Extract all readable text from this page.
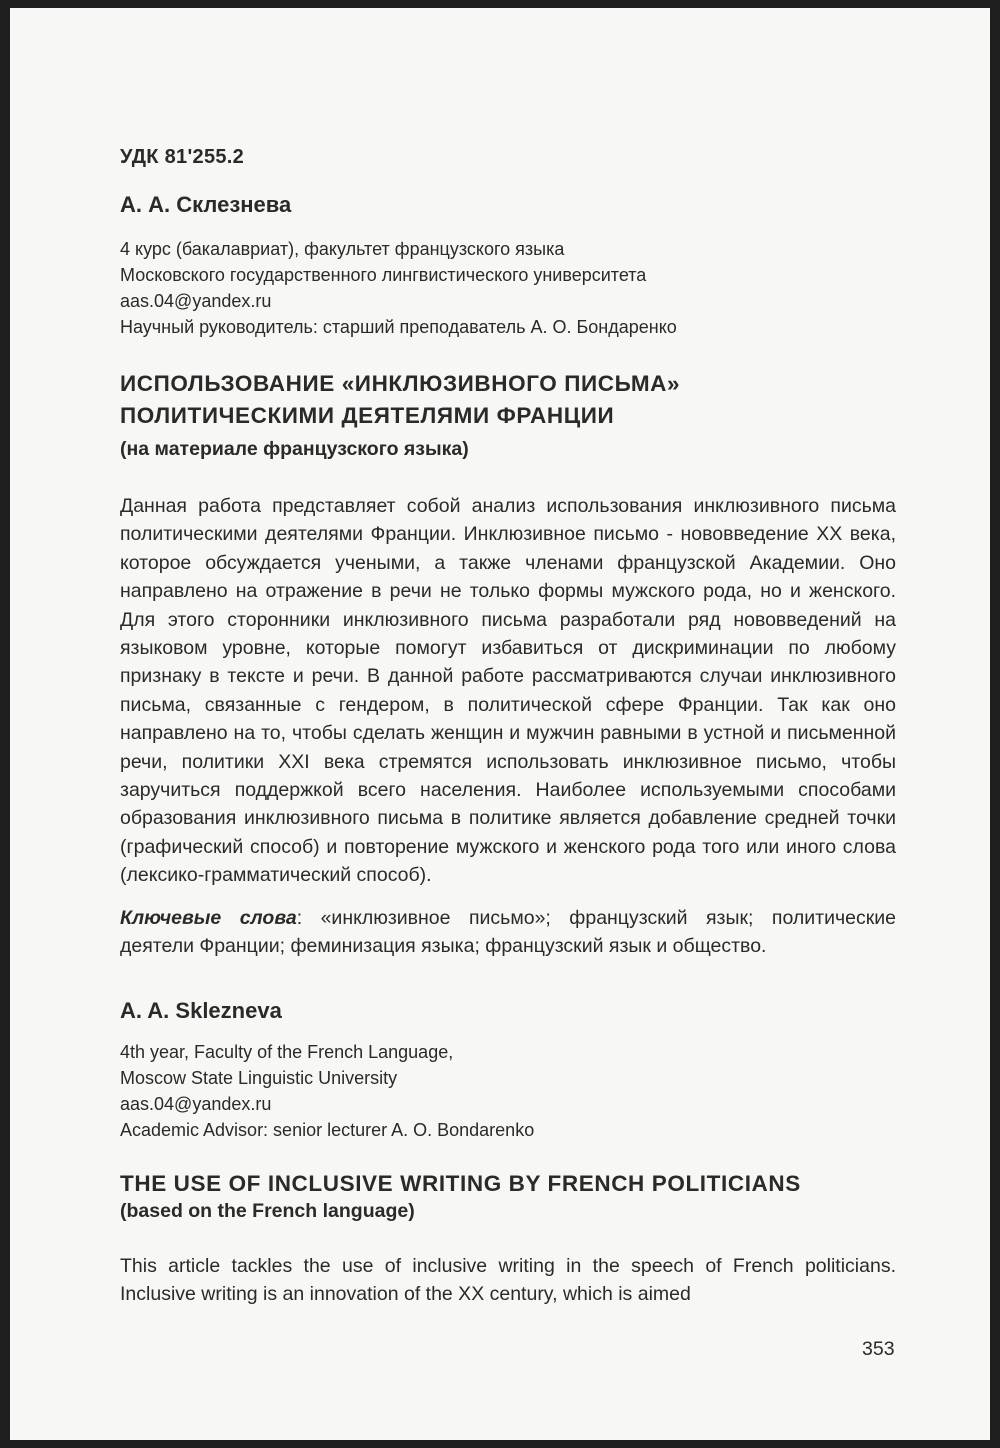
УДК 81'255.2
А. А. Склезнева
4 курс (бакалавриат), факультет французского языка
Московского государственного лингвистического университета
aas.04@yandex.ru
Научный руководитель: старший преподаватель А. О. Бондаренко
ИСПОЛЬЗОВАНИЕ «ИНКЛЮЗИВНОГО ПИСЬМА»
ПОЛИТИЧЕСКИМИ ДЕЯТЕЛЯМИ ФРАНЦИИ
(на материале французского языка)

Данная работа представляет собой анализ использования инклюзивного письма политическими деятелями Франции. Инклюзивное письмо - нововведение XX века, которое обсуждается учеными, а также членами французской Академии. Оно направлено на отражение в речи не только формы мужского рода, но и женского. Для этого сторонники инклюзивного письма разработали ряд нововведений на языковом уровне, которые помогут избавиться от дискриминации по любому признаку в тексте и речи. В данной работе рассматриваются случаи инклюзивного письма, связанные с гендером, в политической сфере Франции. Так как оно направлено на то, чтобы сделать женщин и мужчин равными в устной и письменной речи, политики XXI века стремятся использовать инклюзивное письмо, чтобы заручиться поддержкой всего населения. Наиболее используемыми способами образования инклюзивного письма в политике является добавление средней точки (графический способ) и повторение мужского и женского рода того или иного слова (лексико-грамматический способ).

Ключевые слова: «инклюзивное письмо»; французский язык; политические деятели Франции; феминизация языка; французский язык и общество.

A. A. Sklezneva
4th year, Faculty of the French Language,
Moscow State Linguistic University
aas.04@yandex.ru
Academic Advisor: senior lecturer A. O. Bondarenko
THE USE OF INCLUSIVE WRITING BY FRENCH POLITICIANS
(based on the French language)

This article tackles the use of inclusive writing in the speech of French politicians. Inclusive writing is an innovation of the XX century, which is aimed

353
